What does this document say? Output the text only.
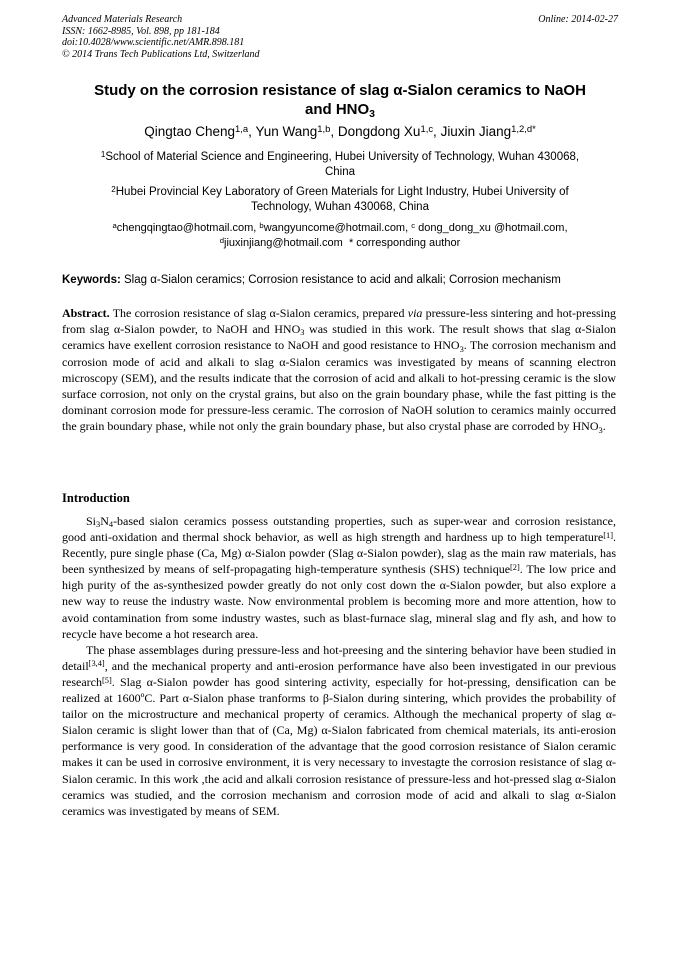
Advanced Materials Research
ISSN: 1662-8985, Vol. 898, pp 181-184
doi:10.4028/www.scientific.net/AMR.898.181
© 2014 Trans Tech Publications Ltd, Switzerland
Online: 2014-02-27
Study on the corrosion resistance of slag α-Sialon ceramics to NaOH
and $HNO_3$
Qingtao Cheng$^{1,a}$, Yun Wang$^{1,b}$, Dongdong Xu$^{1,c}$, Jiuxin Jiang$^{1,2,d*}$
$^1$School of Material Science and Engineering, Hubei University of Technology, Wuhan 430068,
China
$^2$Hubei Provincial Key Laboratory of Green Materials for Light Industry, Hubei University of
Technology, Wuhan 430068, China
$^a$chengqingtao@hotmail.com, $^b$wangyuncome@hotmail.com, $^c$ dong_dong_xu @hotmail.com,
$^d$jiuxinjiang@hotmail.com * corresponding author
Keywords: Slag α-Sialon ceramics; Corrosion resistance to acid and alkali; Corrosion mechanism
Abstract. The corrosion resistance of slag α-Sialon ceramics, prepared via pressure-less sintering and hot-pressing from slag α-Sialon powder, to NaOH and $HNO_3$ was studied in this work. The result shows that slag α-Sialon ceramics have exellent corrosion resistance to NaOH and good resistance to $HNO_3$. The corrosion mechanism and corrosion mode of acid and alkali to slag α-Sialon ceramics was investigated by means of scanning electron microscopy (SEM), and the results indicate that the corrosion of acid and alkali to hot-pressing ceramic is the slow surface corrosion, not only on the crystal grains, but also on the grain boundary phase, while the fast pitting is the dominant corrosion mode for pressure-less ceramic. The corrosion of NaOH solution to ceramics mainly occurred the grain boundary phase, while not only the grain boundary phase, but also crystal phase are corroded by $HNO_3$.
Introduction

$Si_3N_4$-based sialon ceramics possess outstanding properties, such as super-wear and corrosion resistance, good anti-oxidation and thermal shock behavior, as well as high strength and hardness up to high temperature[1]. Recently, pure single phase (Ca, Mg) α-Sialon powder (Slag α-Sialon powder), slag as the main raw materials, has been synthesized by means of self-propagating high-temperature synthesis (SHS) technique[2]. The low price and high purity of the as-synthesized powder greatly do not only cost down the α-Sialon powder, but also explore a new way to reuse the industry waste. Now environmental problem is becoming more and more attention, how to avoid contamination from some industry wastes, such as blast-furnace slag, mineral slag and fly ash, and how to recycle have become a hot research area.

The phase assemblages during pressure-less and hot-preesing and the sintering behavior have been studied in detail[3,4], and the mechanical property and anti-erosion performance have also been investigated in our previous research[5]. Slag α-Sialon powder has good sintering activity, especially for hot-pressing, densification can be realized at 1600ºC. Part α-Sialon phase tranforms to β-Sialon during sintering, which provides the probability of tailor on the microstructure and mechanical property of ceramics. Although the mechanical property of slag α-Sialon ceramic is slight lower than that of (Ca, Mg) α-Sialon fabricated from chemical materials, its anti-erosion performance is very good. In consideration of the advantage that the good corrosion resistance of Sialon ceramic makes it can be used in corrosive environment, it is very necessary to investagte the corrosion resistance of slag α-Sialon ceramic. In this work ,the acid and alkali corrosion resistance of pressure-less and hot-pressed slag α-Sialon ceramics was studied, and the corrosion mechanism and corrosion mode of acid and alkali to slag α-Sialon ceramics was investigated by means of SEM.
